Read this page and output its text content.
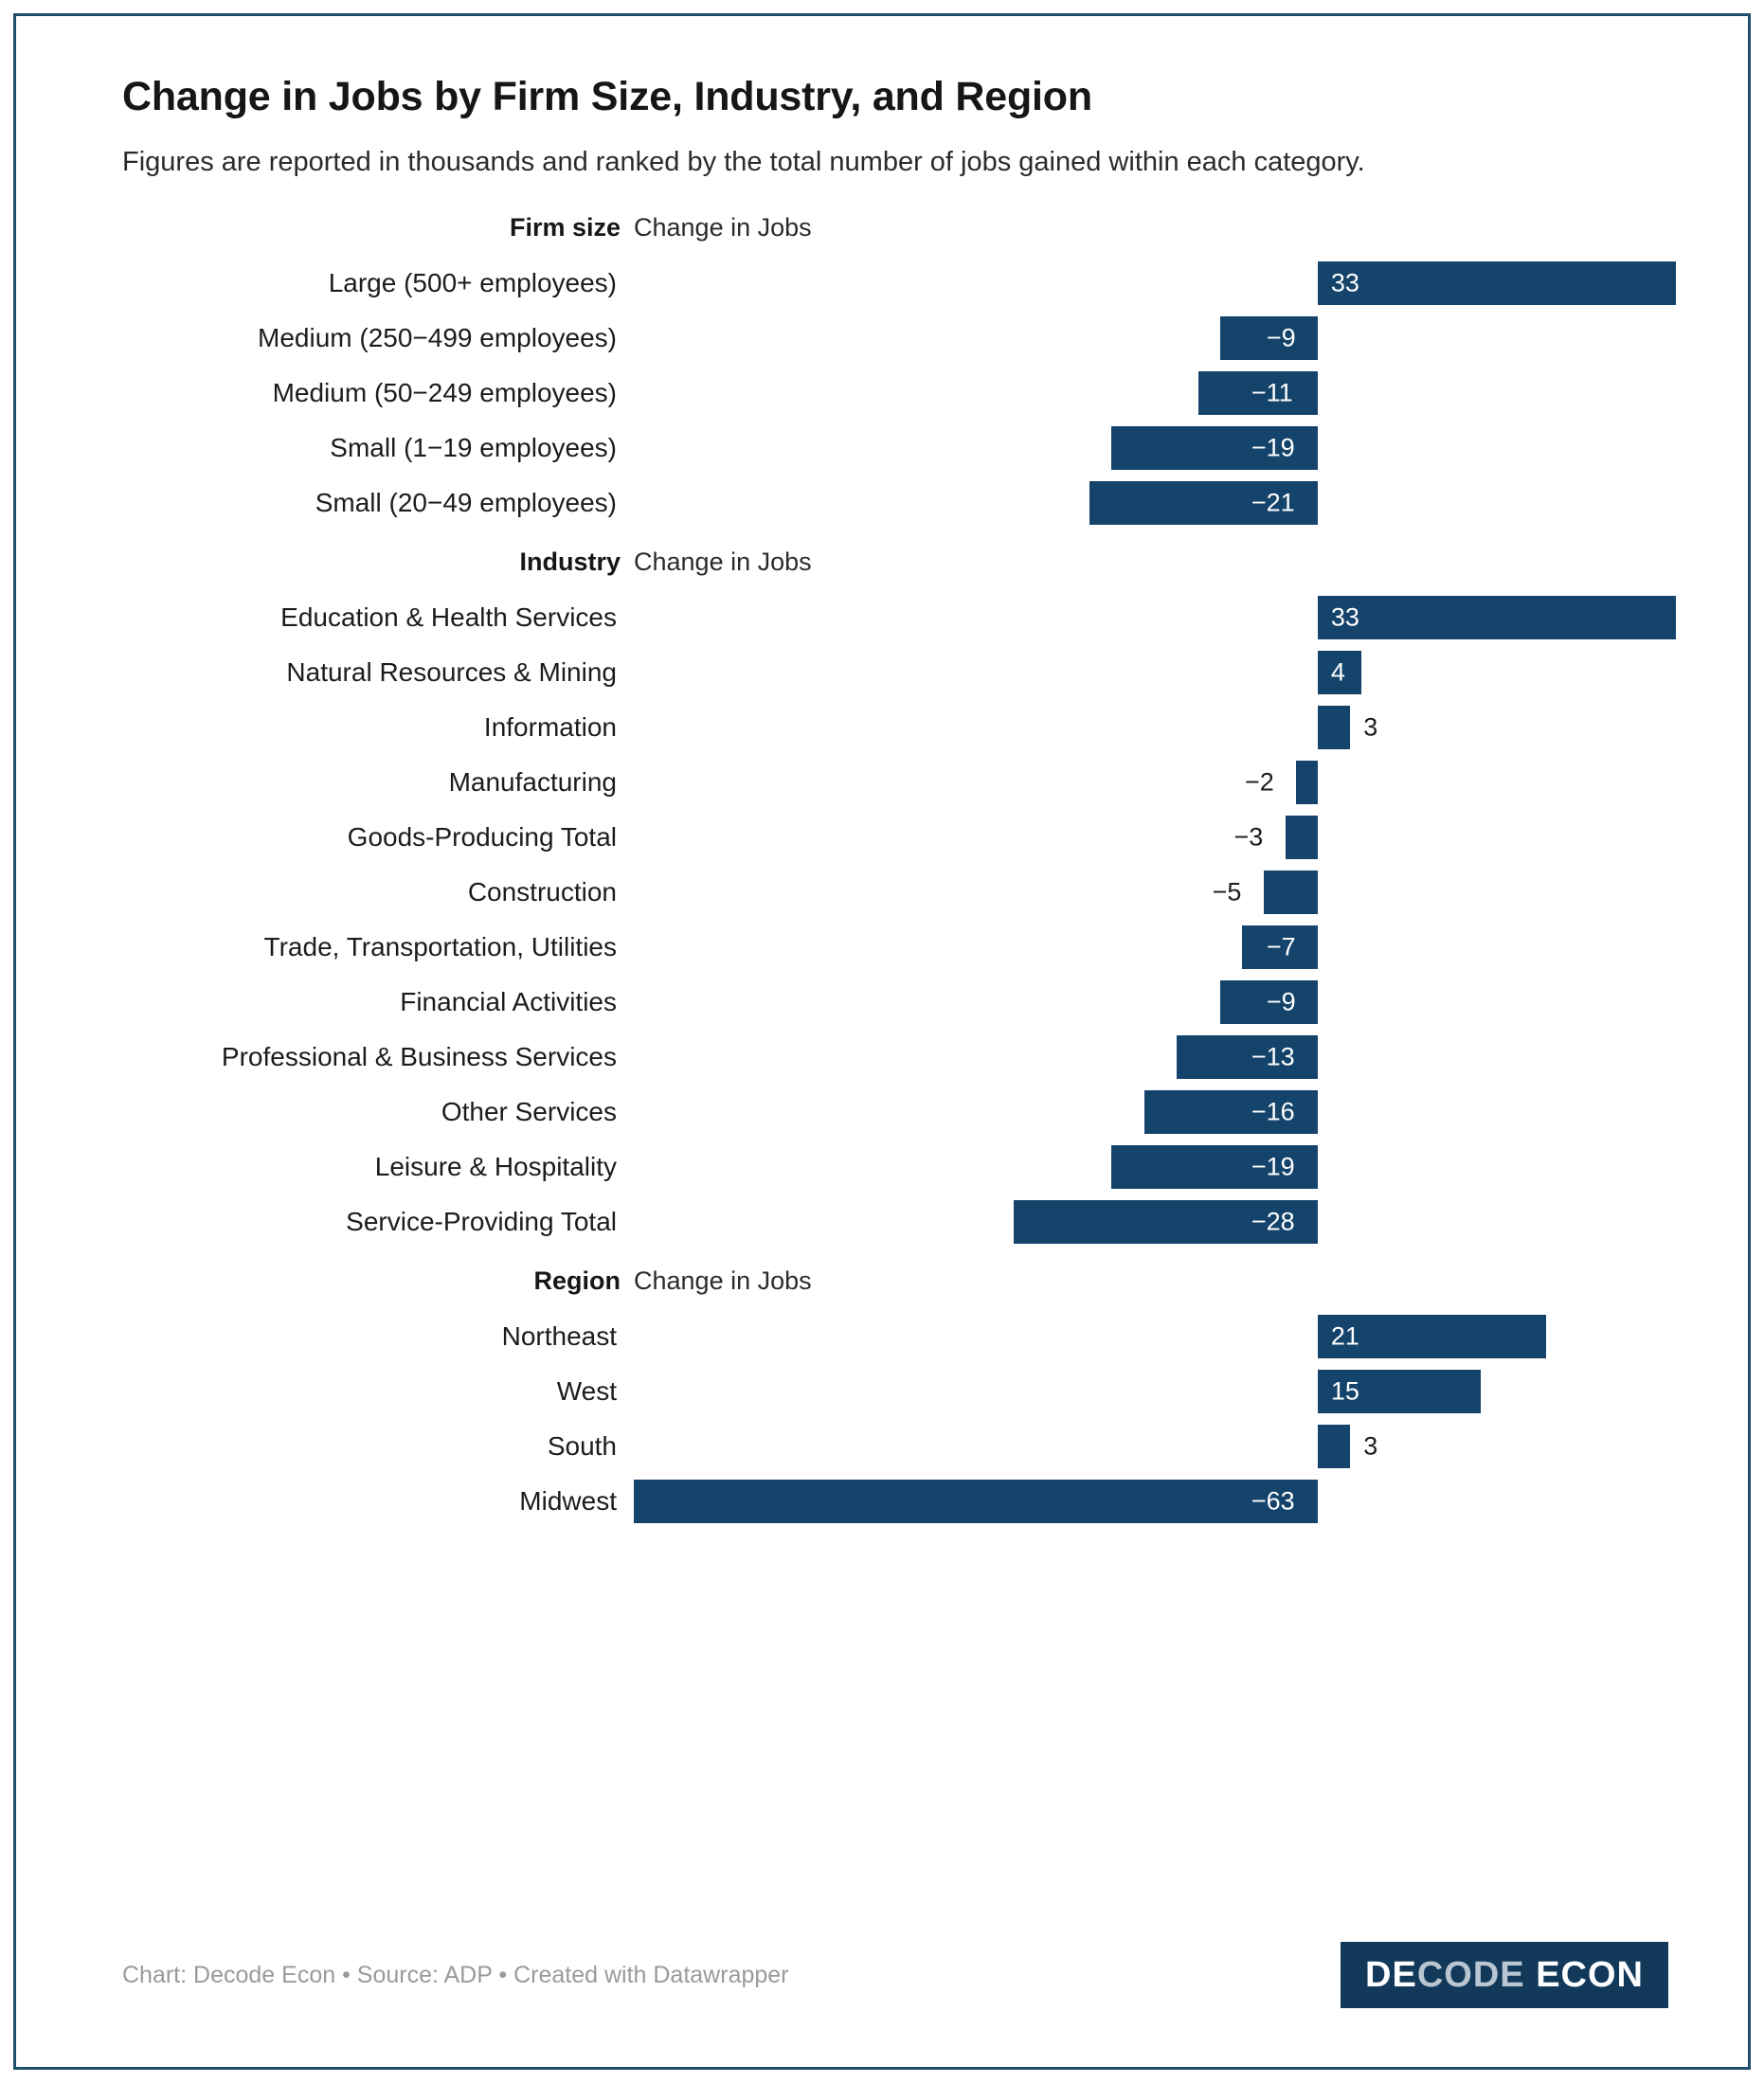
Change in Jobs by Firm Size, Industry, and Region

Figures are reported in thousands and ranked by the total number of jobs gained within each category.

Firm size Change in Jobs
Large (500+ employees)	33
Medium (250−499 employees)	−9
Medium (50−249 employees)	−11
Small (1−19 employees)	−19
Small (20−49 employees)	−21
Industry Change in Jobs
Education & Health Services	33
Natural Resources & Mining	4
Information	3
Manufacturing	−2
Goods-Producing Total	−3
Construction	−5
Trade, Transportation, Utilities	−7
Financial Activities	−9
Professional & Business Services	−13
Other Services	−16
Leisure & Hospitality	−19
Service-Providing Total	−28
Region Change in Jobs
Northeast	21
West	15
South	3
Midwest	−63
Chart: Decode Econ • Source: ADP • Created with Datawrapper	DECODE ECON
